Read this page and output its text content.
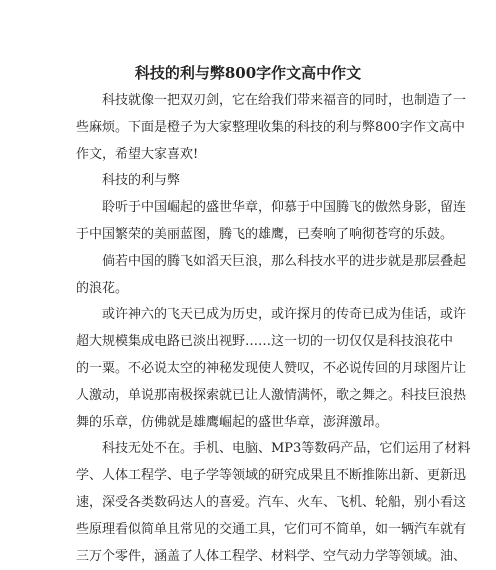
科技的利与弊800字作文高中作文
科技就像一把双刃剑，它在给我们带来福音的同时，也制造了一
些麻烦。下面是橙子为大家整理收集的科技的利与弊800字作文高中
作文，希望大家喜欢!
科技的利与弊
聆听于中国崛起的盛世华章，仰慕于中国腾飞的傲然身影，留连
于中国繁荣的美丽蓝图，腾飞的雄鹰，已奏响了响彻苍穹的乐鼓。
倘若中国的腾飞如滔天巨浪，那么科技水平的进步就是那层叠起
的浪花。
或许神六的飞天已成为历史，或许探月的传奇已成为佳话，或许
超大规模集成电路已淡出视野……这一切的一切仅仅是科技浪花中
的一粟。不必说太空的神秘发现使人赞叹，不必说传回的月球图片让
人激动，单说那南极探索就已让人激情满怀，歌之舞之。科技巨浪热
舞的乐章，仿佛就是雄鹰崛起的盛世华章，澎湃激昂。
科技无处不在。手机、电脑、MP3等数码产品，它们运用了材料
学、人体工程学、电子学等领域的研究成果且不断推陈出新、更新迅
速，深受各类数码达人的喜爱。汽车、火车、飞机、轮船，别小看这
些原理看似简单且常见的交通工具，它们可不简单，如一辆汽车就有
三万个零件，涵盖了人体工程学、材料学、空气动力学等领域。油、
